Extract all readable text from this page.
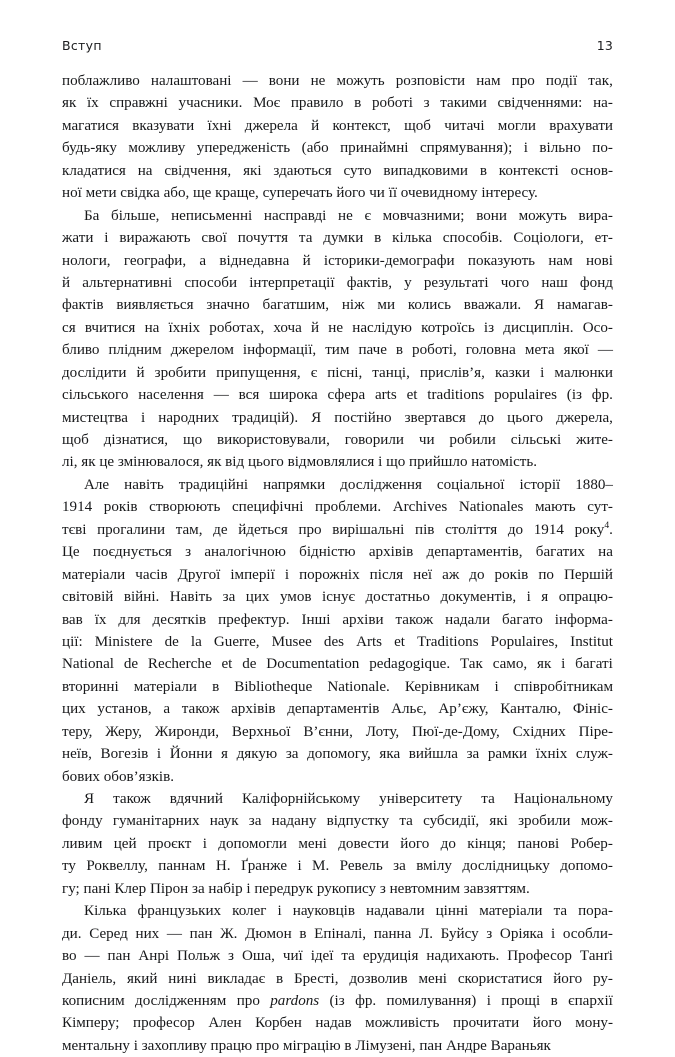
Вступ	13
поблажливо налаштовані — вони не можуть розповісти нам про події так,
як їх справжні учасники. Моє правило в роботі з такими свідченнями: на-
магатися вказувати їхні джерела й контекст, щоб читачі могли врахувати
будь-яку можливу упередженість (або принаймні спрямування); і вільно по-
кладатися на свідчення, які здаються суто випадковими в контексті основ-
ної мети свідка або, ще краще, суперечать його чи її очевидному інтересу.
Ба більше, неписьменні насправді не є мовчазними; вони можуть вира-
жати і виражають свої почуття та думки в кілька способів. Соціологи, ет-
нологи, географи, а віднедавна й історики-демографи показують нам нові
й альтернативні способи інтерпретації фактів, у результаті чого наш фонд
фактів виявляється значно багатшим, ніж ми колись вважали. Я намагав-
ся вчитися на їхніх роботах, хоча й не наслідую котроїсь із дисциплін. Осо-
бливо плідним джерелом інформації, тим паче в роботі, головна мета якої —
дослідити й зробити припущення, є пісні, танці, прислів’я, казки і малюнки
сільського населення — вся широка сфера arts et traditions populaires (із фр.
мистецтва і народних традицій). Я постійно звертався до цього джерела,
щоб дізнатися, що використовували, говорили чи робили сільські жите-
лі, як це змінювалося, як від цього відмовлялися і що прийшло натомість.
Але навіть традиційні напрямки дослідження соціальної історії 1880–
1914 років створюють специфічні проблеми. Archives Nationales мають сут-
тєві прогалини там, де йдеться про вирішальні пів століття до 1914 року$^4$.
Це поєднується з аналогічною бідністю архівів департаментів, багатих на
матеріали часів Другої імперії і порожніх після неї аж до років по Першій
світовій війні. Навіть за цих умов існує достатньо документів, і я опрацю-
вав їх для десятків префектур. Інші архіви також надали багато інформа-
ції: Ministere de la Guerre, Musee des Arts et Traditions Populaires, Institut
National de Recherche et de Documentation pedagogique. Так само, як і багаті
вторинні матеріали в Bibliotheque Nationale. Керівникам і співробітникам
цих установ, а також архівів департаментів Альє, Ар’єжу, Канталю, Фініс-
теру, Жеру, Жиронди, Верхньої В’єнни, Лоту, Пюї-де-Дому, Східних Піре-
неїв, Вогезів і Йонни я дякую за допомогу, яка вийшла за рамки їхніх служ-
бових обов’язків.
Я також вдячний Каліфорнійському університету та Національному
фонду гуманітарних наук за надану відпустку та субсидії, які зробили мож-
ливим цей проєкт і допомогли мені довести його до кінця; панові Робер-
ту Роквеллу, паннам Н. Ґранже і М. Ревель за вмілу дослідницьку допомо-
гу; пані Клер Пірон за набір і передрук рукопису з невтомним завзяттям.
Кілька французьких колег і науковців надавали цінні матеріали та пора-
ди. Серед них — пан Ж. Дюмон в Епіналі, панна Л. Буйсу з Оріяка і особли-
во — пан Анрі Польж з Оша, чиї ідеї та ерудиція надихають. Професор Танґі
Даніель, який нині викладає в Бресті, дозволив мені скористатися його ру-
кописним дослідженням про pardons (із фр. помилування) і прощі в єпархії
Кімперу; професор Ален Корбен надав можливість прочитати його мону-
ментальну і захопливу працю про міграцію в Лімузені, пан Андре Вараньяк
